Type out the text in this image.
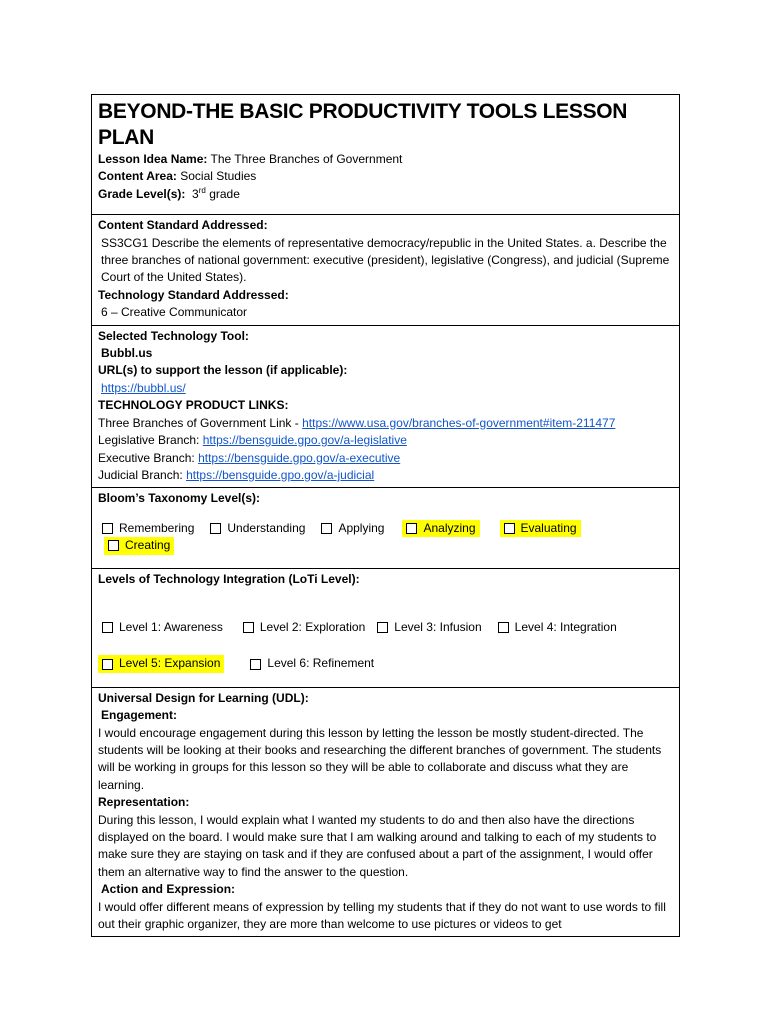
BEYOND-THE BASIC PRODUCTIVITY TOOLS LESSON PLAN
Lesson Idea Name: The Three Branches of Government
Content Area: Social Studies
Grade Level(s): 3rd grade
Content Standard Addressed:
SS3CG1 Describe the elements of representative democracy/republic in the United States. a. Describe the three branches of national government: executive (president), legislative (Congress), and judicial (Supreme Court of the United States).
Technology Standard Addressed:
6 – Creative Communicator
Selected Technology Tool:
Bubbl.us
URL(s) to support the lesson (if applicable):
https://bubbl.us/
TECHNOLOGY PRODUCT LINKS:
Three Branches of Government Link - https://www.usa.gov/branches-of-government#item-211477
Legislative Branch: https://bensguide.gpo.gov/a-legislative
Executive Branch: https://bensguide.gpo.gov/a-executive
Judicial Branch: https://bensguide.gpo.gov/a-judicial
Bloom’s Taxonomy Level(s):
Remembering	Understanding	Applying	Analyzing	Evaluating
Creating
Levels of Technology Integration (LoTi Level):
Level 1: Awareness	Level 2: Exploration Level 3: Infusion	Level 4: Integration
Level 5: Expansion	Level 6: Refinement
Universal Design for Learning (UDL):
Engagement:
I would encourage engagement during this lesson by letting the lesson be mostly student-directed. The students will be looking at their books and researching the different branches of government. The students will be working in groups for this lesson so they will be able to collaborate and discuss what they are learning.
Representation:
During this lesson, I would explain what I wanted my students to do and then also have the directions displayed on the board. I would make sure that I am walking around and talking to each of my students to make sure they are staying on task and if they are confused about a part of the assignment, I would offer them an alternative way to find the answer to the question.
Action and Expression:
I would offer different means of expression by telling my students that if they do not want to use words to fill out their graphic organizer, they are more than welcome to use pictures or videos to get
